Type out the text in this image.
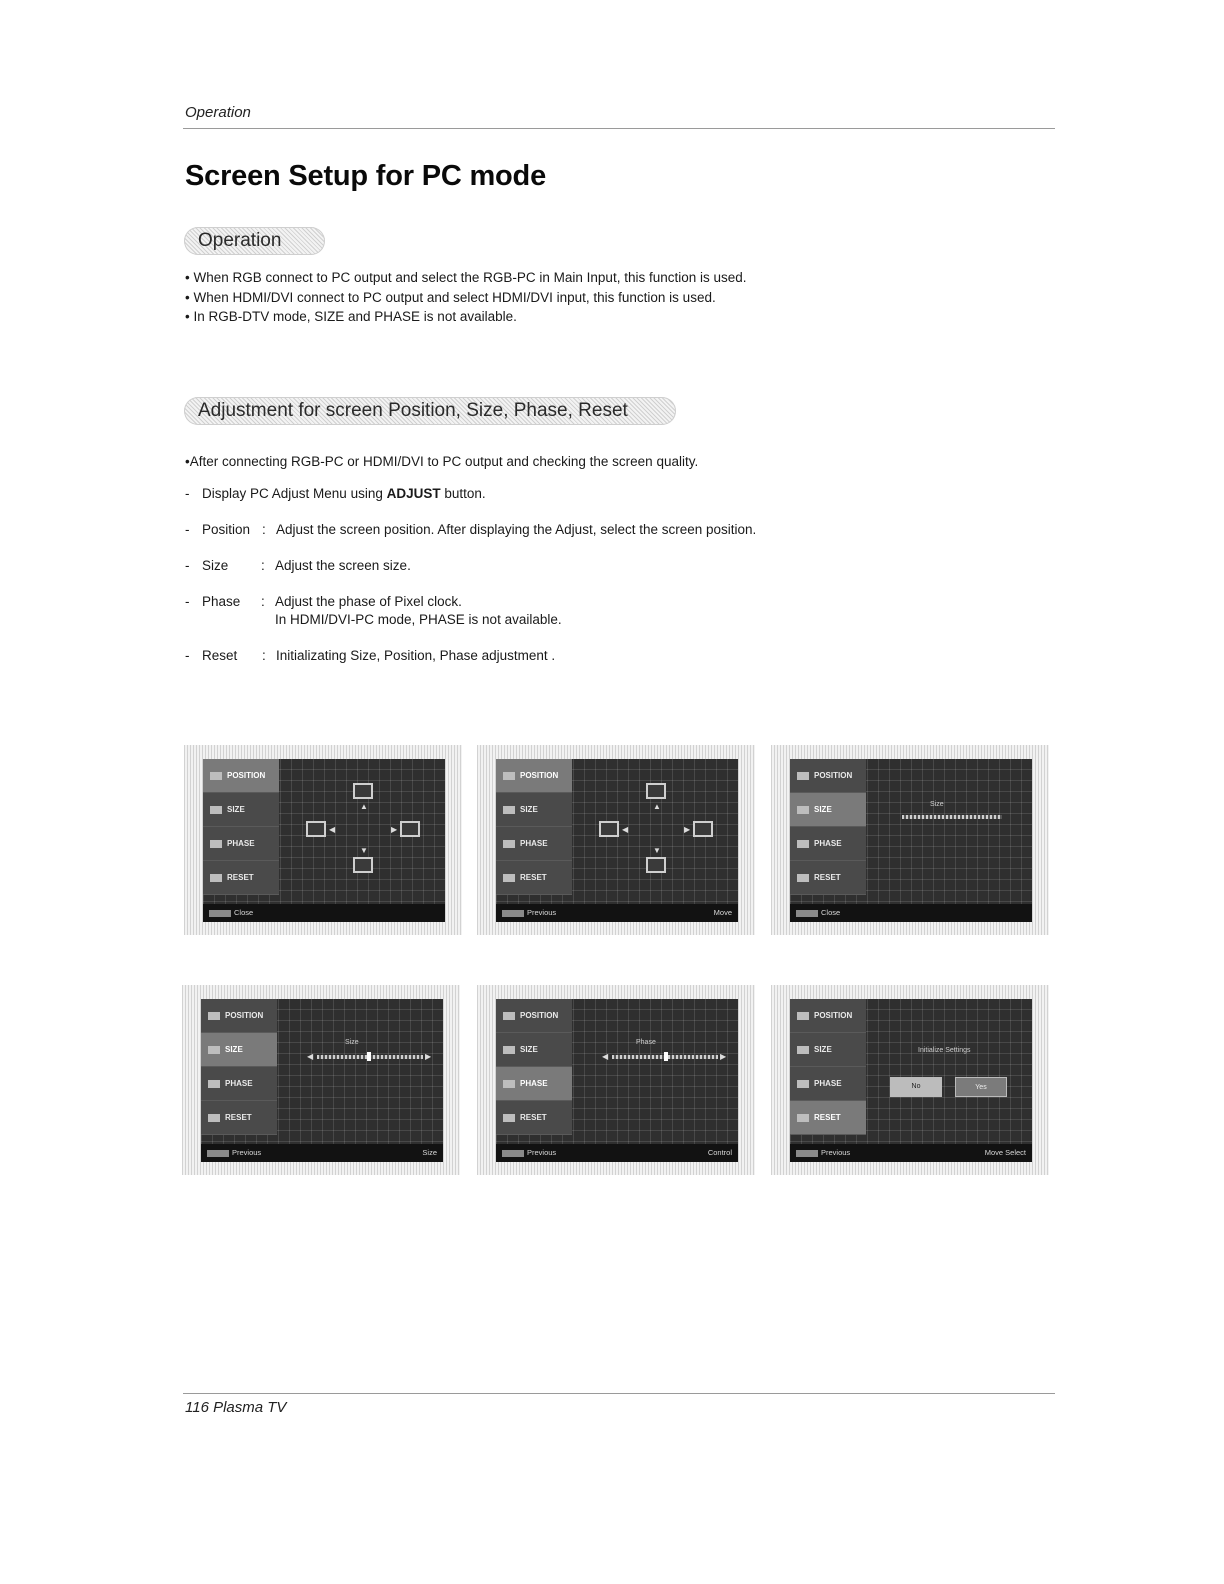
Operation
Screen Setup for PC mode
Operation
• When RGB connect to PC output and select the RGB-PC in Main Input, this function is used.
• When HDMI/DVI connect to PC output and select HDMI/DVI input, this function is used.
• In RGB-DTV mode, SIZE and PHASE is not available.
Adjustment for screen Position, Size, Phase, Reset
•After connecting RGB-PC or HDMI/DVI to PC output and checking the screen quality.
- Display PC Adjust Menu using ADJUST button.
- Position : Adjust the screen position. After displaying the Adjust, select the screen position.
- Size : Adjust the screen size.
- Phase : Adjust the phase of Pixel clock.
In HDMI/DVI-PC mode, PHASE is not available.
- Reset : Initializating Size, Position, Phase adjustment .
POSITION
SIZE
PHASE
RESET
▲
◀	▶
▼
Close
POSITION
SIZE
PHASE
RESET
▲
◀	▶
▼
Previous	Move
POSITION
SIZE
PHASE
RESET
Size
Close
POSITION
SIZE
PHASE
RESET
Size
◀	▶
Previous	Size
POSITION
SIZE
PHASE
RESET
Phase
◀	▶
Previous	Control
POSITION
SIZE
PHASE
RESET
Initialize Settings
No	Yes
Previous	Move Select
116 Plasma TV
